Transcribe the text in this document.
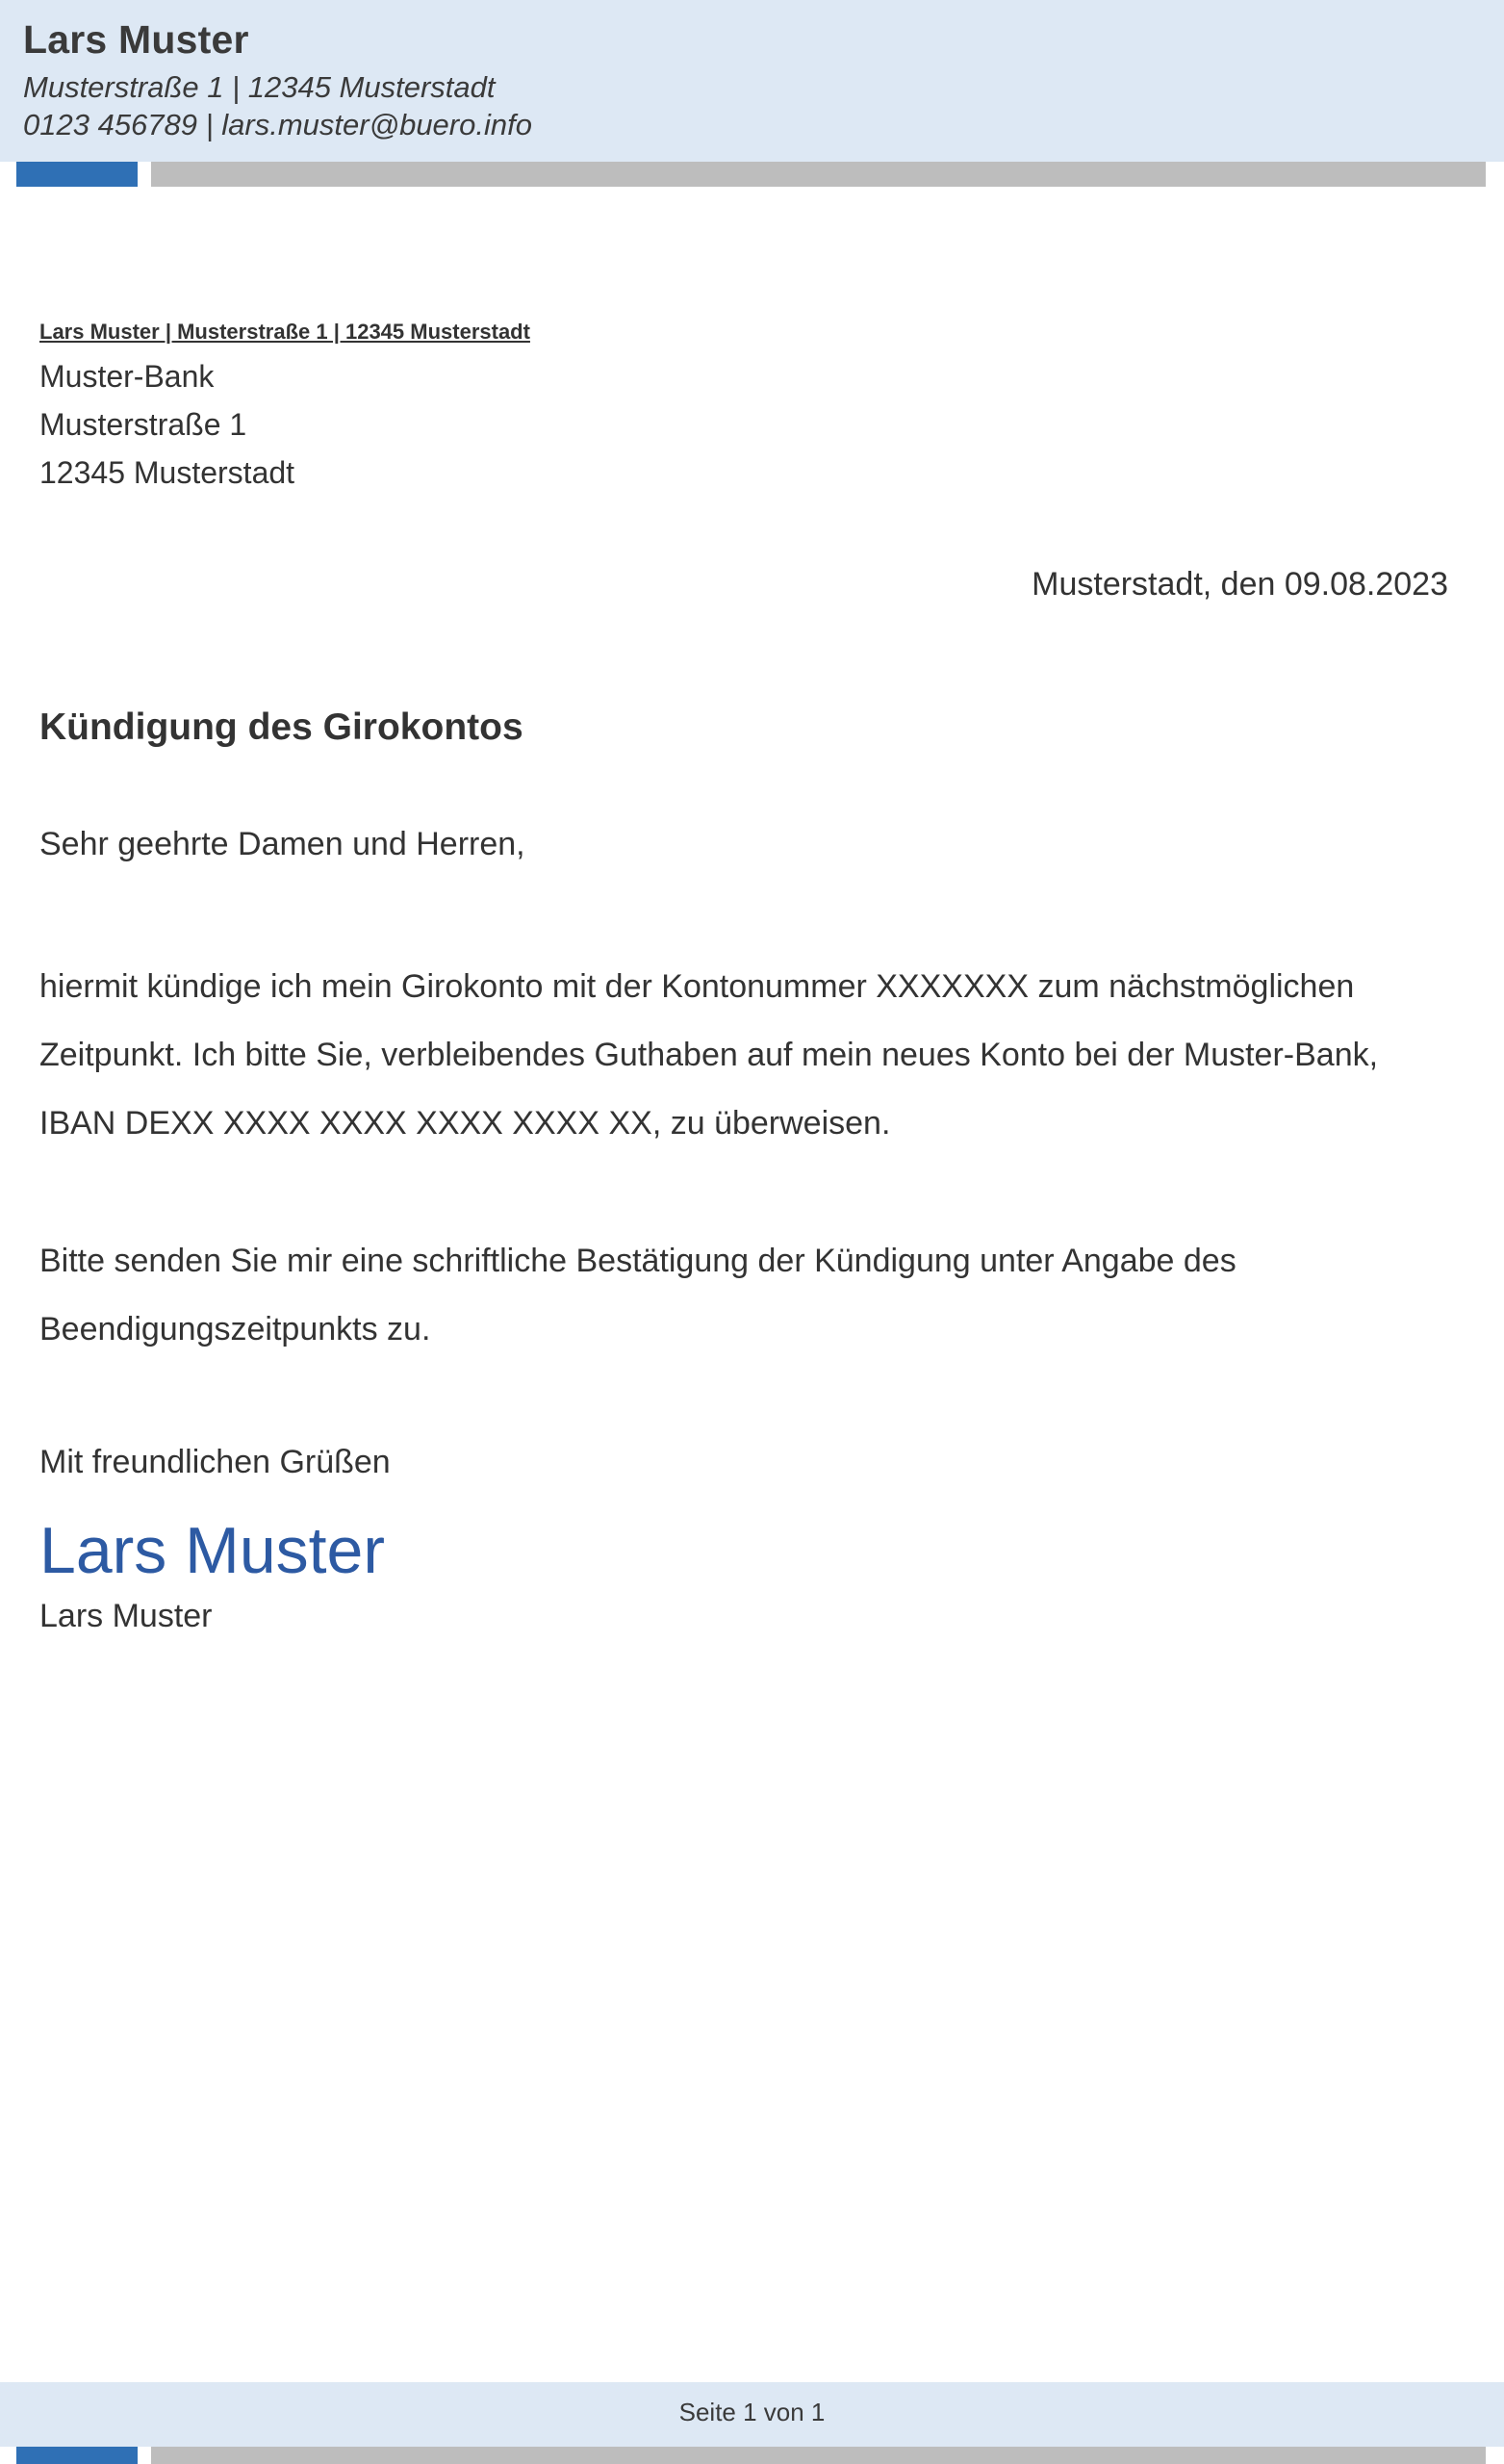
Lars Muster
Musterstraße 1 | 12345 Musterstadt
0123 456789 | lars.muster@buero.info
Lars Muster | Musterstraße 1 | 12345 Musterstadt
Muster-Bank
Musterstraße 1
12345 Musterstadt
Musterstadt, den 09.08.2023
Kündigung des Girokontos
Sehr geehrte Damen und Herren,
hiermit kündige ich mein Girokonto mit der Kontonummer XXXXXXX zum nächstmöglichen Zeitpunkt. Ich bitte Sie, verbleibendes Guthaben auf mein neues Konto bei der Muster-Bank, IBAN DEXX XXXX XXXX XXXX XXXX XX, zu überweisen.
Bitte senden Sie mir eine schriftliche Bestätigung der Kündigung unter Angabe des Beendigungszeitpunkts zu.
Mit freundlichen Grüßen
Lars Muster
Lars Muster
Seite 1 von 1
